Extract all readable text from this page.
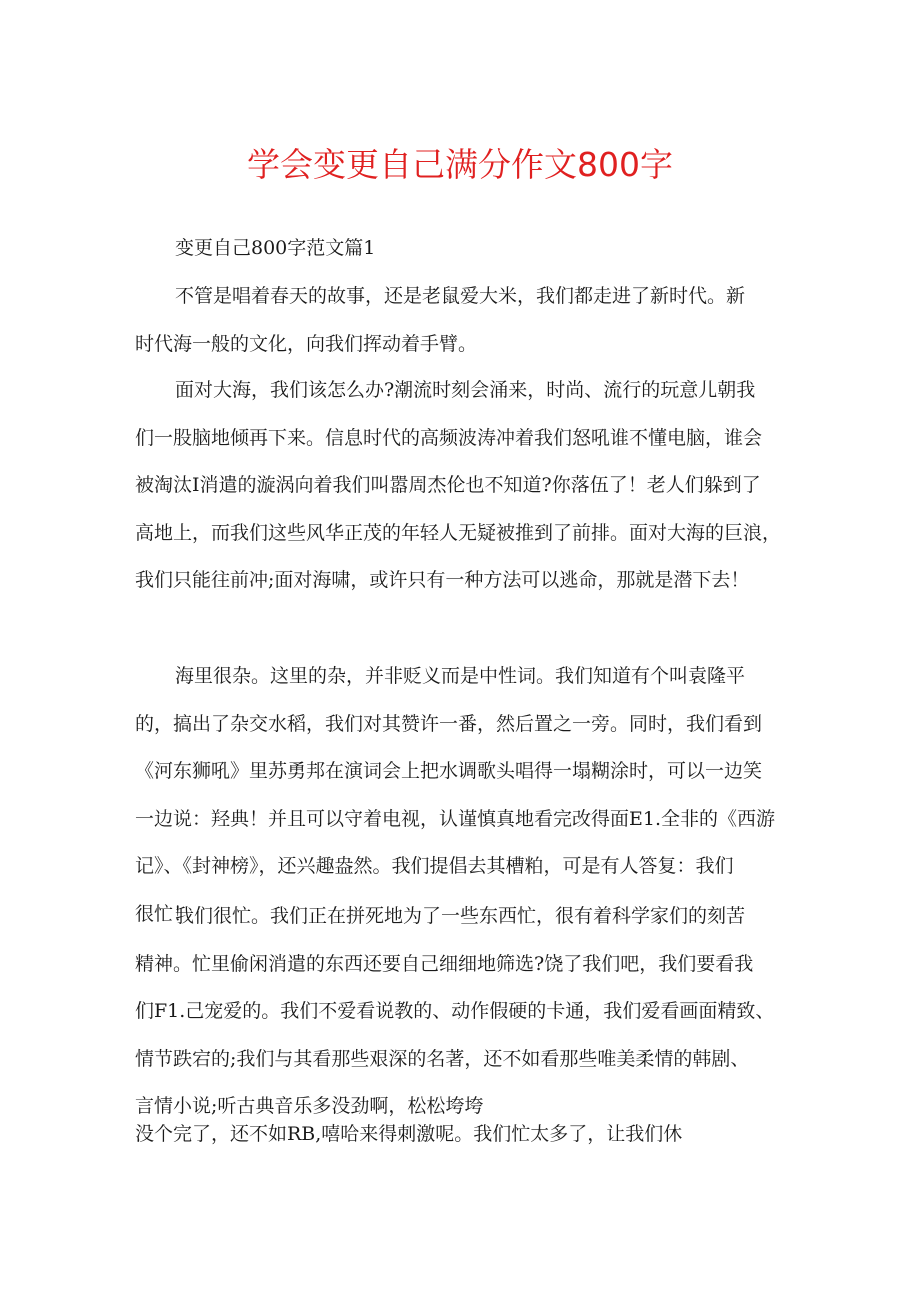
学会变更自己满分作文800字
变更自己800字范文篇1
不管是唱着春天的故事，还是老鼠爱大米，我们都走进了新时代。新
时代海一般的文化，向我们挥动着手臂。
面对大海，我们该怎么办?潮流时刻会涌来，时尚、流行的玩意儿朝我
们一股脑地倾再下来。信息时代的高频波涛冲着我们怒吼谁不懂电脑，谁会
被淘汰I消遣的漩涡向着我们叫嚣周杰伦也不知道?你落伍了！老人们躲到了
高地上，而我们这些风华正茂的年轻人无疑被推到了前排。面对大海的巨浪，
我们只能往前冲;面对海啸，或许只有一种方法可以逃命，那就是潜下去！
海里很杂。这里的杂，并非贬义而是中性词。我们知道有个叫袁隆平
的，搞出了杂交水稻，我们对其赞许一番，然后置之一旁。同时，我们看到
《河东狮吼》里苏勇邦在演词会上把水调歌头唱得一塌糊涂时，可以一边笑
一边说：羟典！并且可以守着电视，认谨慎真地看完改得面E1.全非的《西游
记》、《封神榜》，还兴趣盎然。我们提倡去其槽粕，可是有人答复：我们
很忙！
我们很忙。我们正在拼死地为了一些东西忙，很有着科学家们的刻苦
精神。忙里偷闲消遣的东西还要自己细细地筛选?饶了我们吧，我们要看我
们F1.己宠爱的。我们不爱看说教的、动作假硬的卡通，我们爱看画面精致、
情节跌宕的;我们与其看那些艰深的名著，还不如看那些唯美柔情的韩剧、
言情小说;听古典音乐多没劲啊，松松垮垮
没个完了，还不如RB,嘻哈来得刺激呢。我们忙太多了，让我们休
